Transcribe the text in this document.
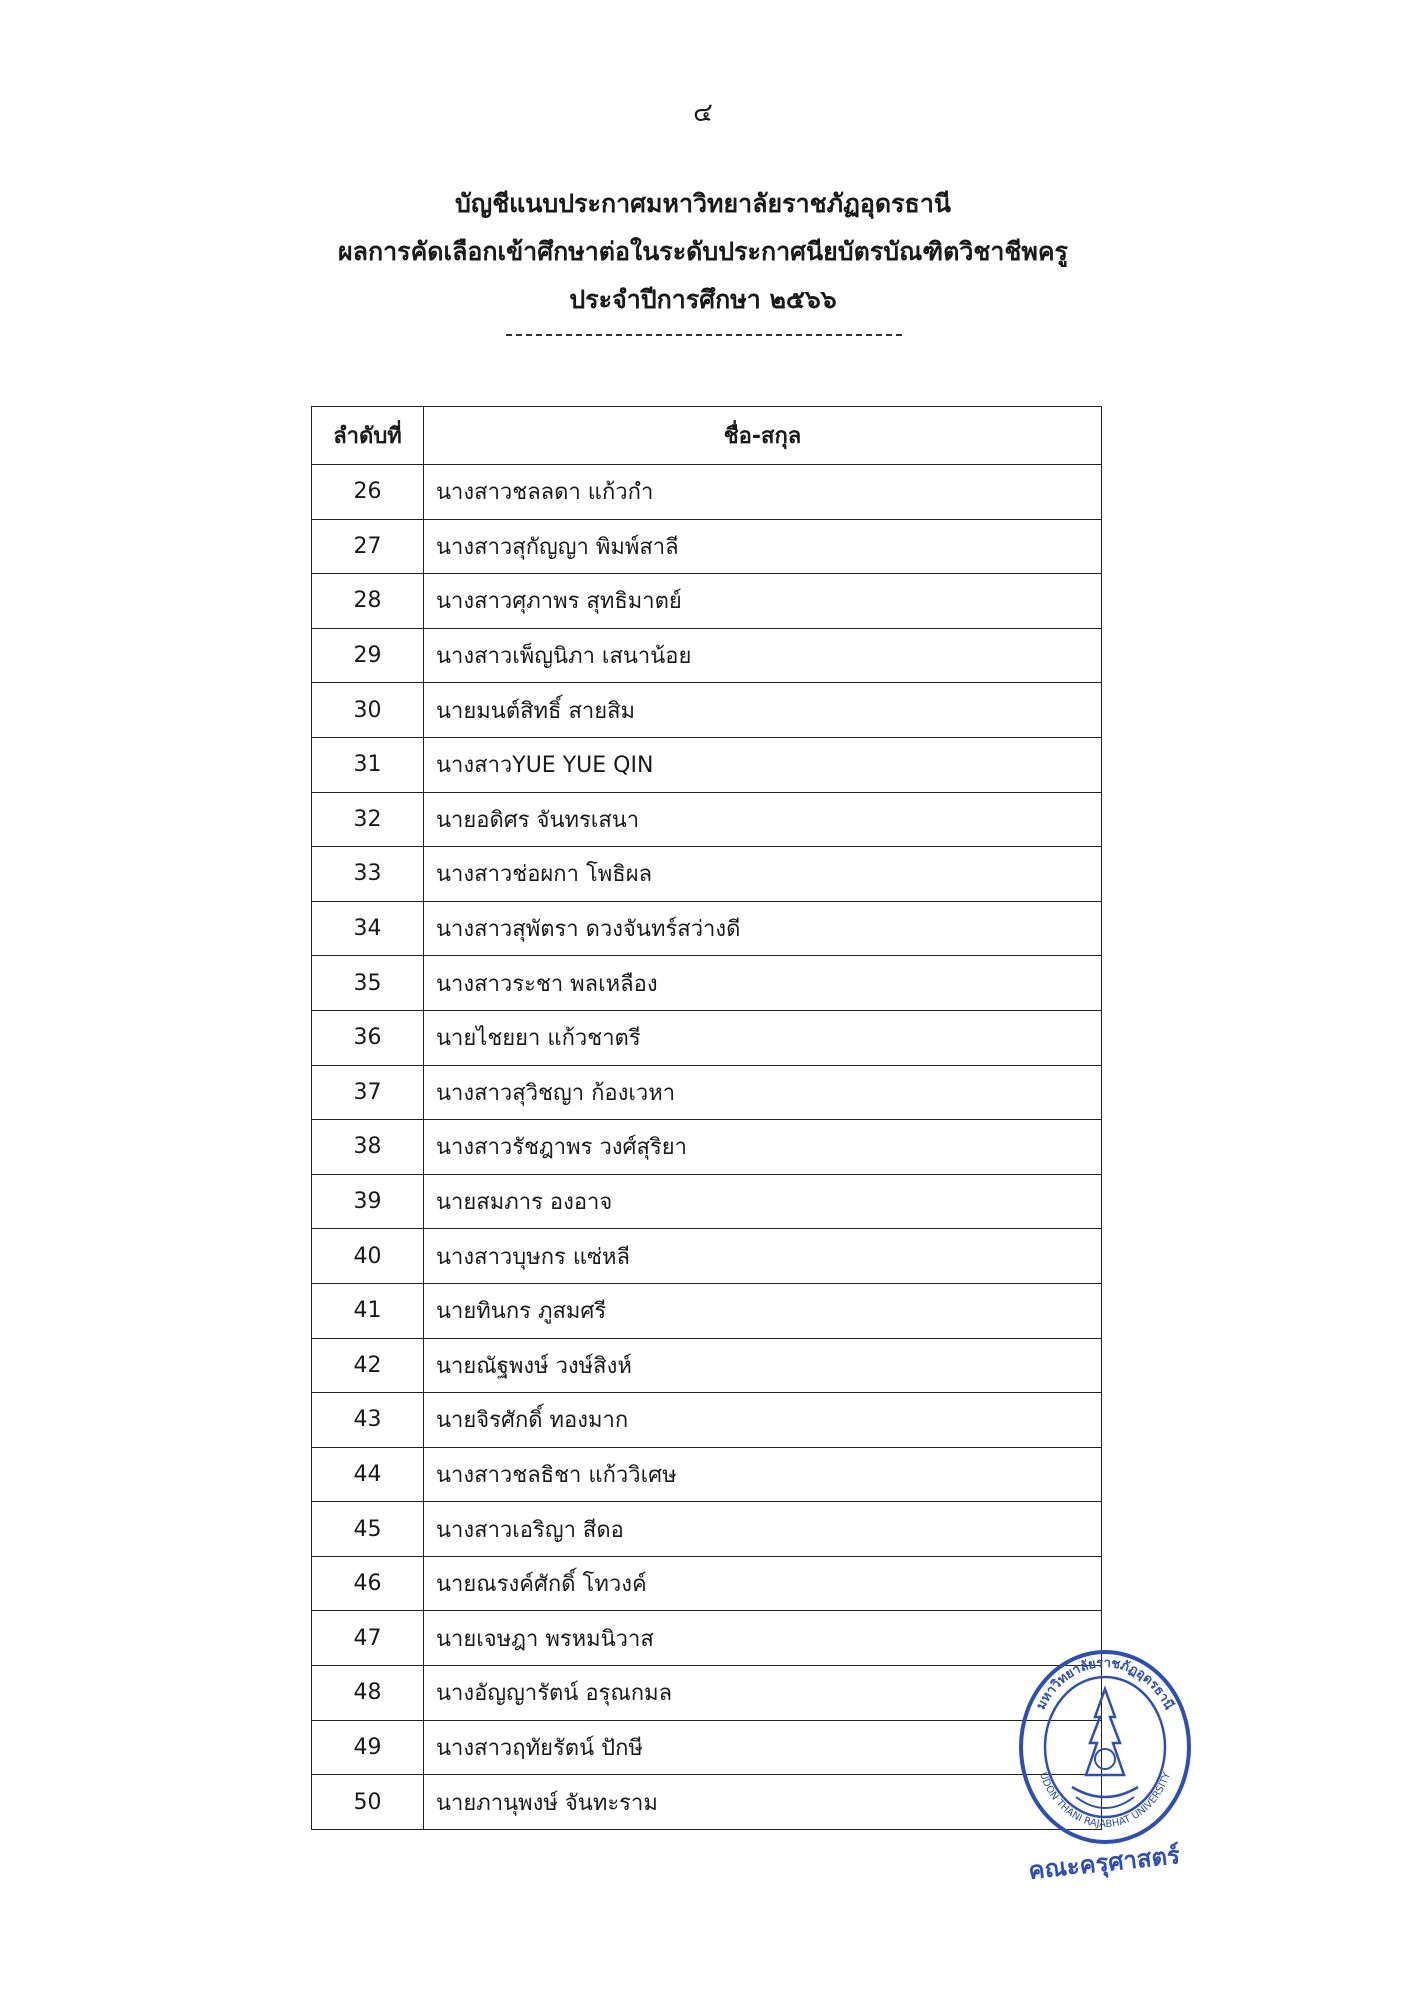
๔
บัญชีแนบประกาศมหาวิทยาลัยราชภัฏอุดรธานี
ผลการคัดเลือกเข้าศึกษาต่อในระดับประกาศนียบัตรบัณฑิตวิชาชีพครู
ประจำปีการศึกษา ๒๕๖๖
ลำดับที่	ชื่อ-สกุล
26	นางสาวชลลดา แก้วกำ
27	นางสาวสุกัญญา พิมพ์สาลี
28	นางสาวศุภาพร สุทธิมาตย์
29	นางสาวเพ็ญนิภา เสนาน้อย
30	นายมนต์สิทธิ์ สายสิม
31	นางสาวYUE YUE QIN
32	นายอดิศร จันทรเสนา
33	นางสาวช่อผกา โพธิผล
34	นางสาวสุพัตรา ดวงจันทร์สว่างดี
35	นางสาวระชา พลเหลือง
36	นายไชยยา แก้วชาตรี
37	นางสาวสุวิชญา ก้องเวหา
38	นางสาวรัชฎาพร วงศ์สุริยา
39	นายสมภาร องอาจ
40	นางสาวบุษกร แซ่หลี
41	นายทินกร ภูสมศรี
42	นายณัฐพงษ์ วงษ์สิงห์
43	นายจิรศักดิ์ ทองมาก
44	นางสาวชลธิชา แก้ววิเศษ
45	นางสาวเอริญา สีดอ
46	นายณรงค์ศักดิ์ โทวงค์
47	นายเจษฎา พรหมนิวาส
48	นางอัญญารัตน์ อรุณกมล
49	นางสาวฤทัยรัตน์ ปักษี
50	นายภานุพงษ์ จันทะราม
มหาวิทยาลัยราชภัฏอุดรธานี
UDON THANI RAJABHAT UNIVERSITY
คณะครุศาสตร์
